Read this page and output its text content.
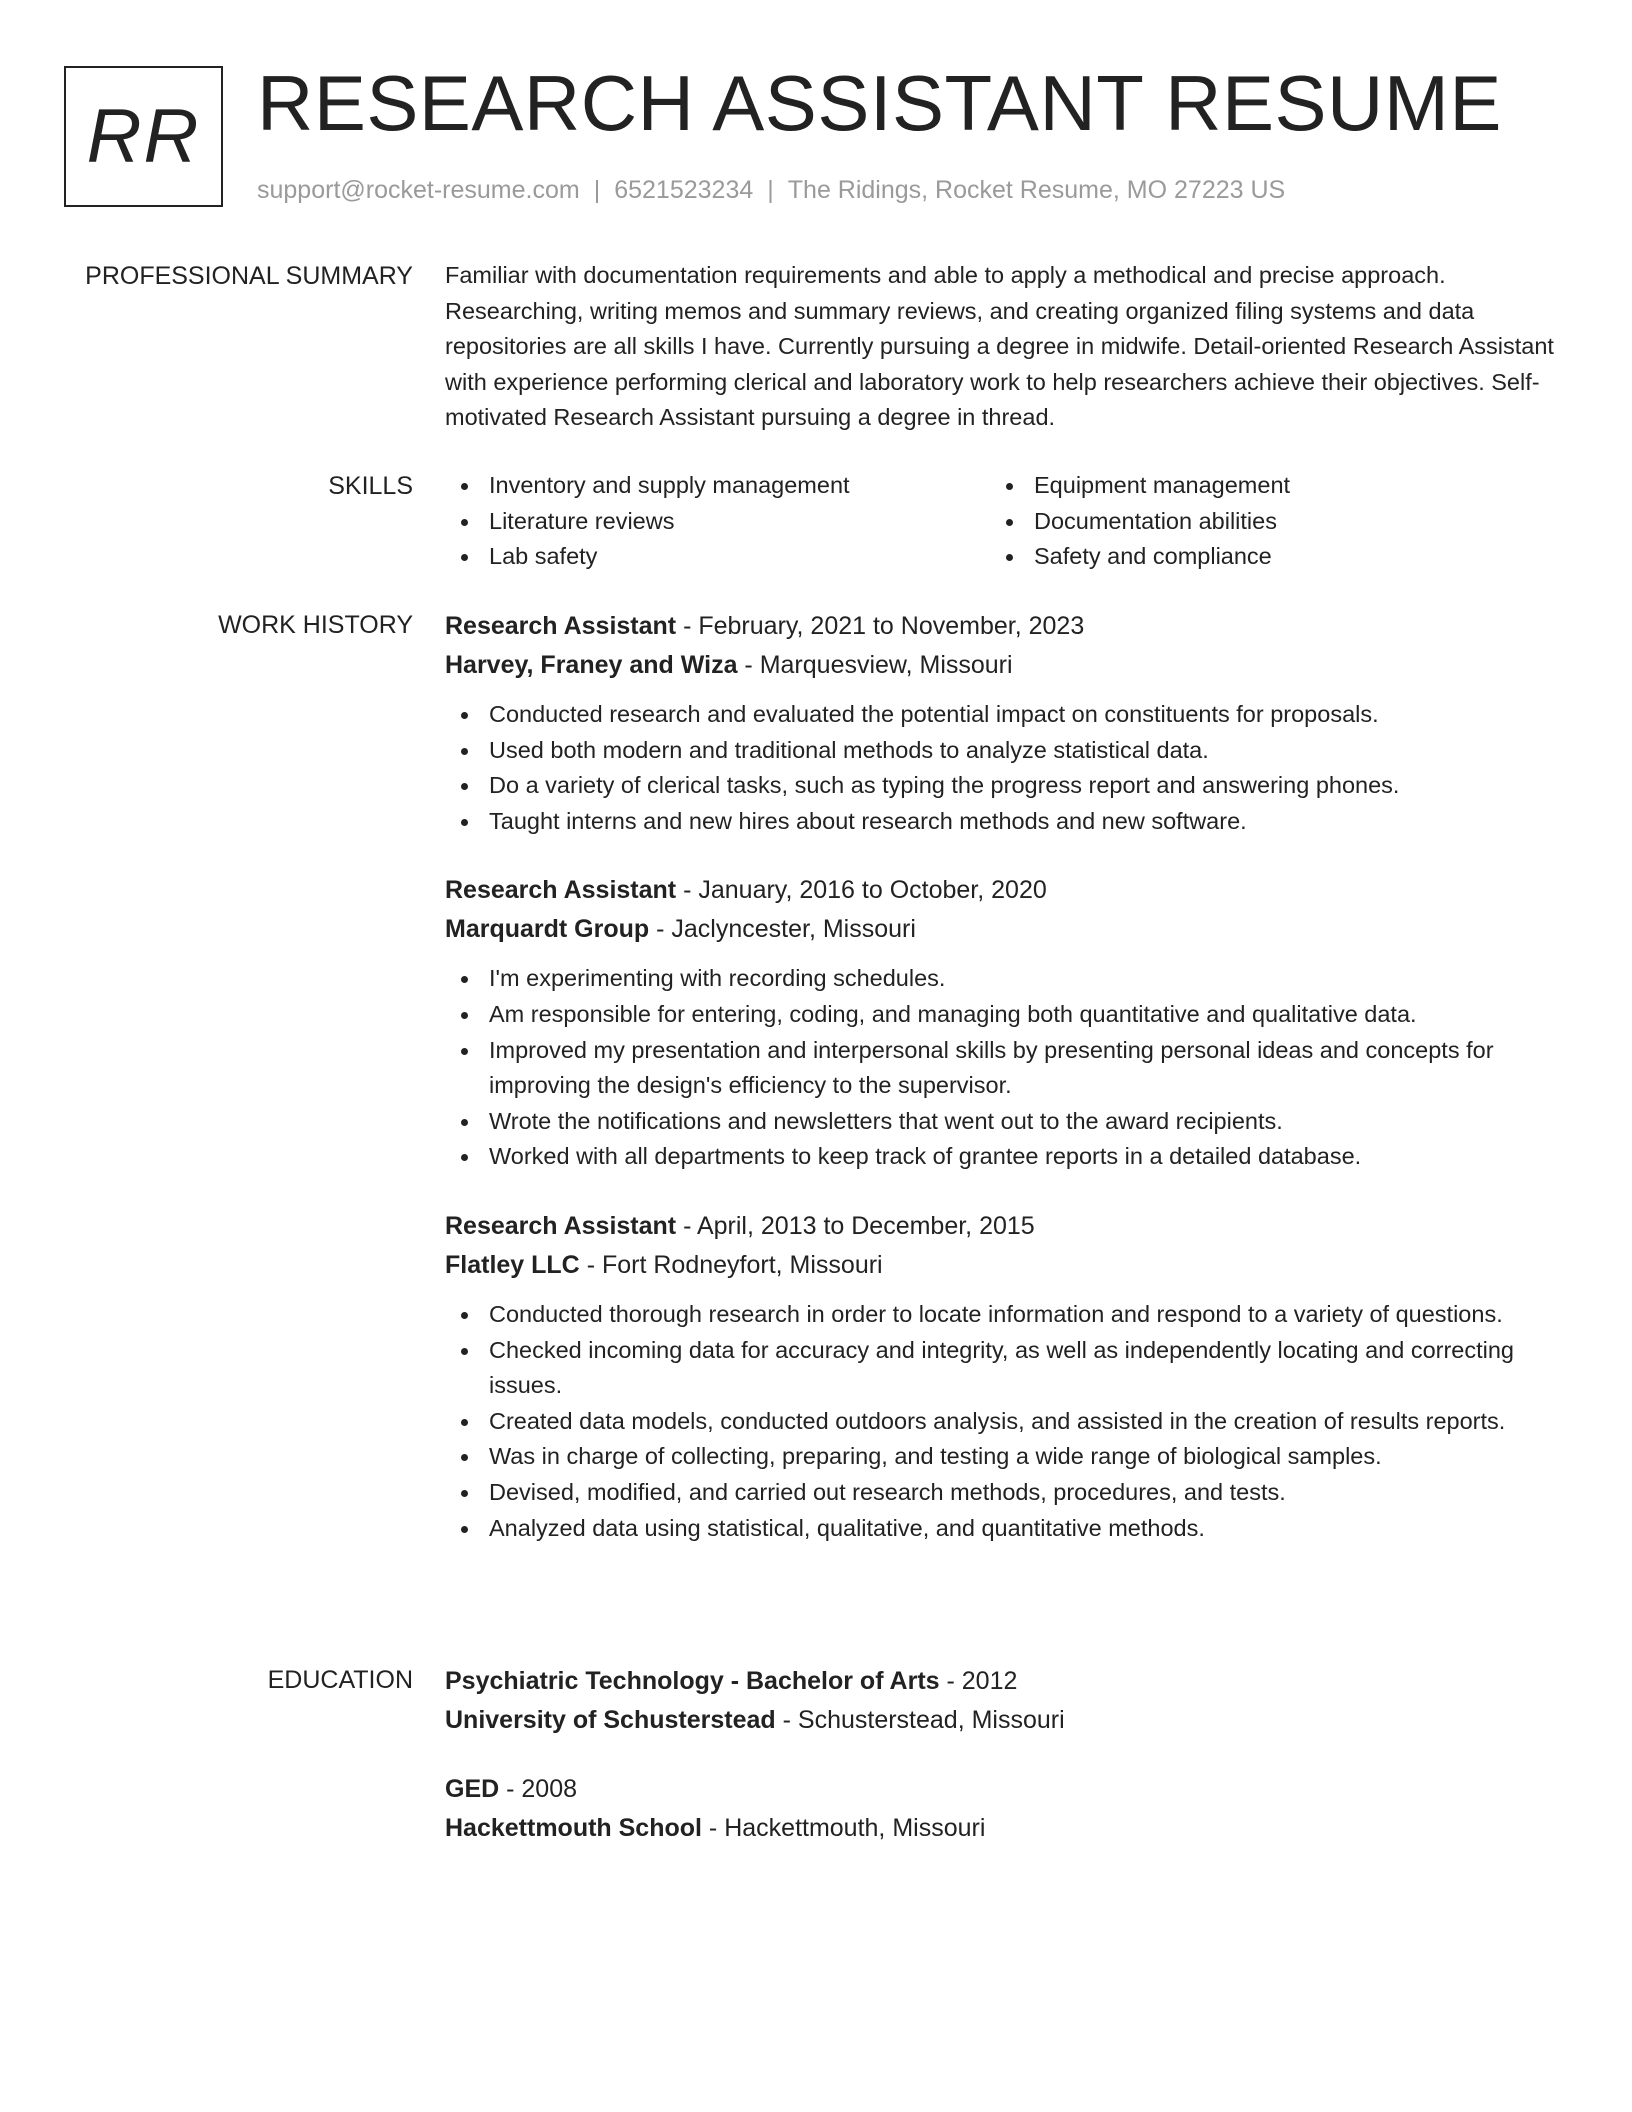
RR RESEARCH ASSISTANT RESUME
support@rocket-resume.com | 6521523234 | The Ridings, Rocket Resume, MO 27223 US
PROFESSIONAL SUMMARY Familiar with documentation requirements and able to apply a methodical and precise approach. Researching, writing memos and summary reviews, and creating organized filing systems and data repositories are all skills I have. Currently pursuing a degree in midwife. Detail-oriented Research Assistant with experience performing clerical and laboratory work to help researchers achieve their objectives. Self-motivated Research Assistant pursuing a degree in thread.
SKILLS	Inventory and supply management
Literature reviews
Lab safety
Equipment management
Documentation abilities
Safety and compliance
WORK HISTORY Research Assistant - February, 2021 to November, 2023
Harvey, Franey and Wiza - Marquesview, Missouri
Conducted research and evaluated the potential impact on constituents for proposals.
Used both modern and traditional methods to analyze statistical data.
Do a variety of clerical tasks, such as typing the progress report and answering phones.
Taught interns and new hires about research methods and new software.
Research Assistant - January, 2016 to October, 2020
Marquardt Group - Jaclyncester, Missouri
I'm experimenting with recording schedules.
Am responsible for entering, coding, and managing both quantitative and qualitative data.
Improved my presentation and interpersonal skills by presenting personal ideas and concepts for improving the design's efficiency to the supervisor.
Wrote the notifications and newsletters that went out to the award recipients.
Worked with all departments to keep track of grantee reports in a detailed database.
Research Assistant - April, 2013 to December, 2015
Flatley LLC - Fort Rodneyfort, Missouri
Conducted thorough research in order to locate information and respond to a variety of questions.
Checked incoming data for accuracy and integrity, as well as independently locating and correcting issues.
Created data models, conducted outdoors analysis, and assisted in the creation of results reports.
Was in charge of collecting, preparing, and testing a wide range of biological samples.
Devised, modified, and carried out research methods, procedures, and tests.
Analyzed data using statistical, qualitative, and quantitative methods.
EDUCATION Psychiatric Technology - Bachelor of Arts - 2012
University of Schusterstead - Schusterstead, Missouri
GED - 2008
Hackettmouth School - Hackettmouth, Missouri
